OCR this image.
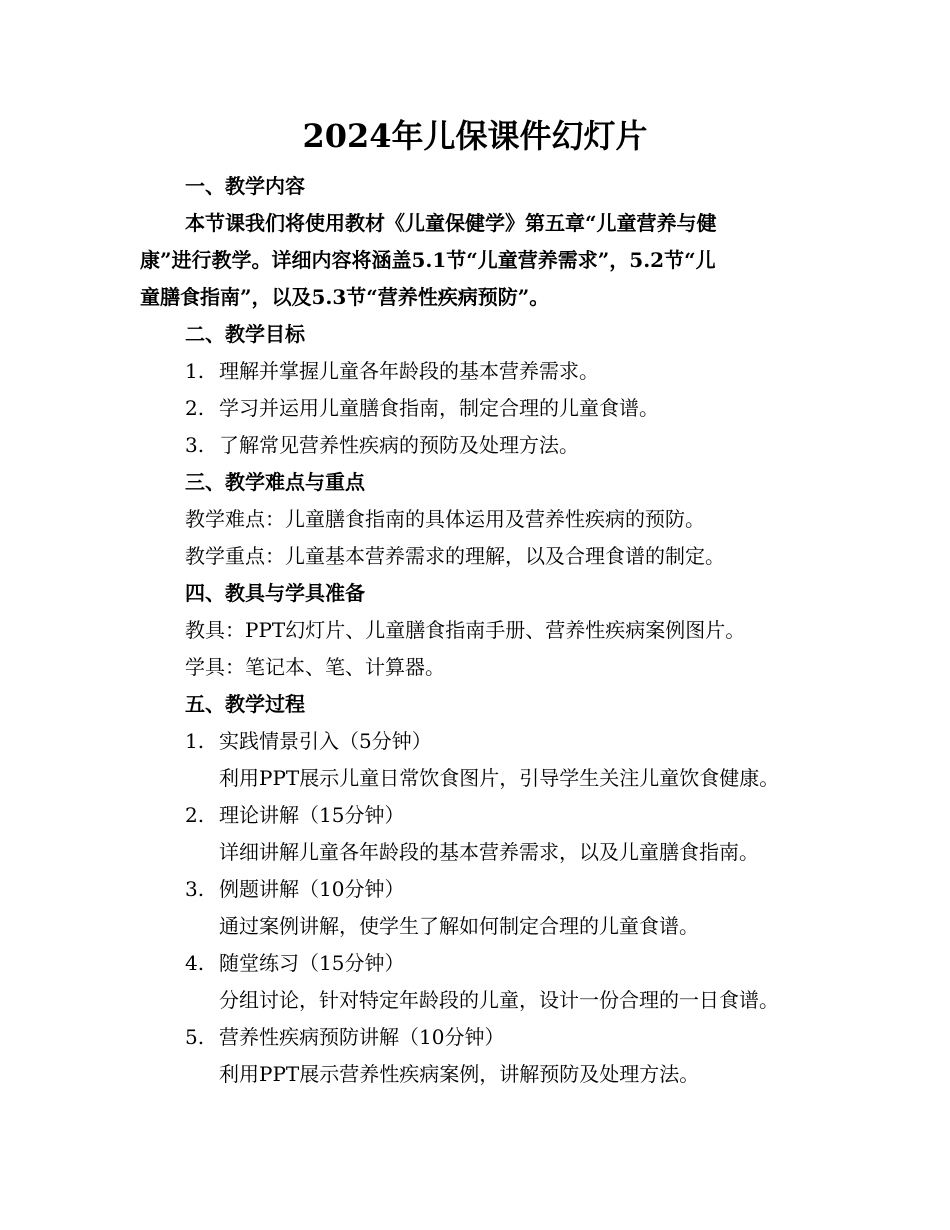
2024年儿保课件幻灯片

一、教学内容

本节课我们将使用教材《儿童保健学》第五章“儿童营养与健

康”进行教学。详细内容将涵盖5.1节“儿童营养需求”，5.2节“儿

童膳食指南”，以及5.3节“营养性疾病预防”。

二、教学目标

1. 理解并掌握儿童各年龄段的基本营养需求。

2. 学习并运用儿童膳食指南，制定合理的儿童食谱。

3. 了解常见营养性疾病的预防及处理方法。

三、教学难点与重点

教学难点：儿童膳食指南的具体运用及营养性疾病的预防。

教学重点：儿童基本营养需求的理解，以及合理食谱的制定。

四、教具与学具准备

教具：PPT幻灯片、儿童膳食指南手册、营养性疾病案例图片。

学具：笔记本、笔、计算器。

五、教学过程

1. 实践情景引入（5分钟）

利用PPT展示儿童日常饮食图片，引导学生关注儿童饮食健康。

2. 理论讲解（15分钟）

详细讲解儿童各年龄段的基本营养需求，以及儿童膳食指南。

3. 例题讲解（10分钟）

通过案例讲解，使学生了解如何制定合理的儿童食谱。

4. 随堂练习（15分钟）

分组讨论，针对特定年龄段的儿童，设计一份合理的一日食谱。

5. 营养性疾病预防讲解（10分钟）

利用PPT展示营养性疾病案例，讲解预防及处理方法。
